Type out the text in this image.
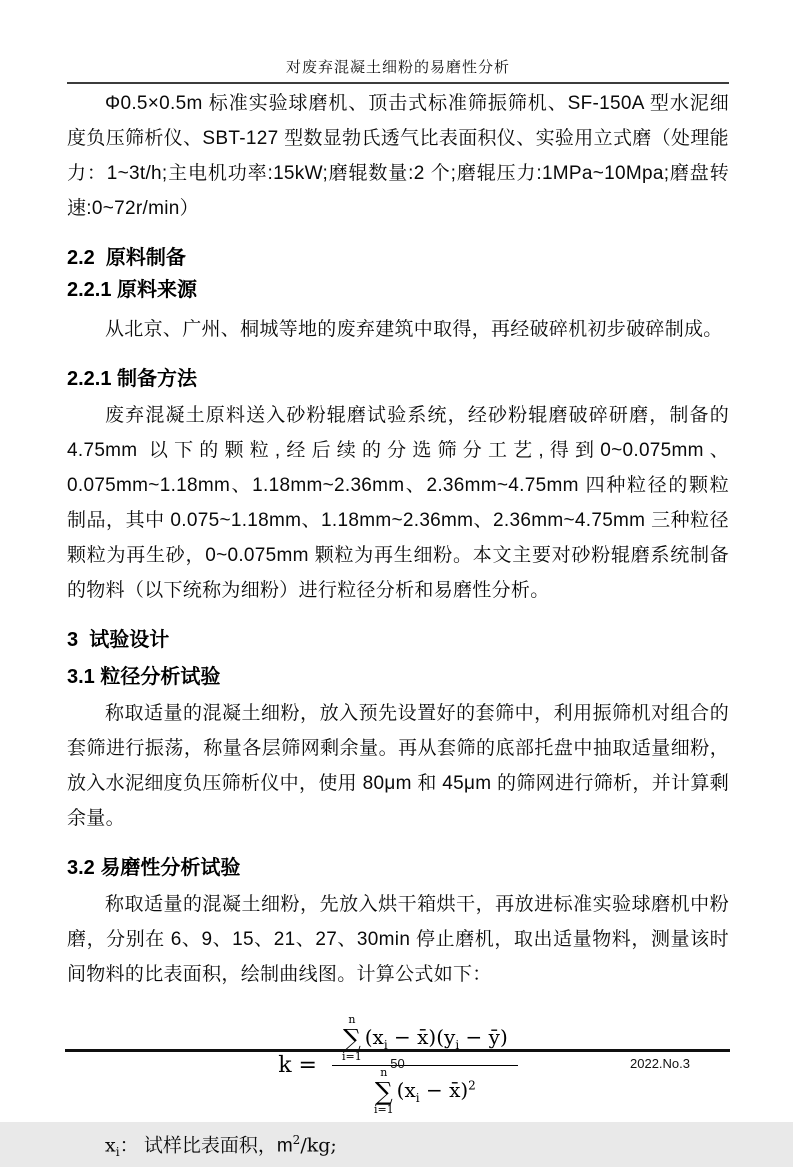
对废弃混凝土细粉的易磨性分析

Φ0.5×0.5m 标准实验球磨机、顶击式标准筛振筛机、SF-150A 型水泥细度负压筛析仪、SBT-127 型数显勃氏透气比表面积仪、实验用立式磨（处理能力：1~3t/h;主电机功率:15kW;磨辊数量:2 个;磨辊压力:1MPa~10Mpa;磨盘转速:0~72r/min）

2.2  原料制备
2.2.1 原料来源

从北京、广州、桐城等地的废弃建筑中取得，再经破碎机初步破碎制成。

2.2.1 制备方法

废弃混凝土原料送入砂粉辊磨试验系统，经砂粉辊磨破碎研磨，制备的 4.75mm 以下的颗粒,经后续的分选筛分工艺,得到0~0.075mm、0.075mm~1.18mm、1.18mm~2.36mm、2.36mm~4.75mm 四种粒径的颗粒制品，其中 0.075~1.18mm、1.18mm~2.36mm、2.36mm~4.75mm 三种粒径颗粒为再生砂，0~0.075mm 颗粒为再生细粉。本文主要对砂粉辊磨系统制备的物料（以下统称为细粉）进行粒径分析和易磨性分析。

3  试验设计
3.1 粒径分析试验

称取适量的混凝土细粉，放入预先设置好的套筛中，利用振筛机对组合的套筛进行振荡，称量各层筛网剩余量。再从套筛的底部托盘中抽取适量细粉，放入水泥细度负压筛析仪中，使用 80μm 和 45μm 的筛网进行筛析，并计算剩余量。

3.2 易磨性分析试验

称取适量的混凝土细粉，先放入烘干箱烘干，再放进标准实验球磨机中粉磨，分别在 6、9、15、21、27、30min 停止磨机，取出适量物料，测量该时间物料的比表面积，绘制曲线图。计算公式如下：

k =
n
∑
i=1
($x_i$ − $x̄)(y_i$ − ȳ)
n
∑
i=1
($x_i$ − x̄)$^2$
$x_i$： 试样比表面积，$m^2/kg$;
50	2022.No.3
